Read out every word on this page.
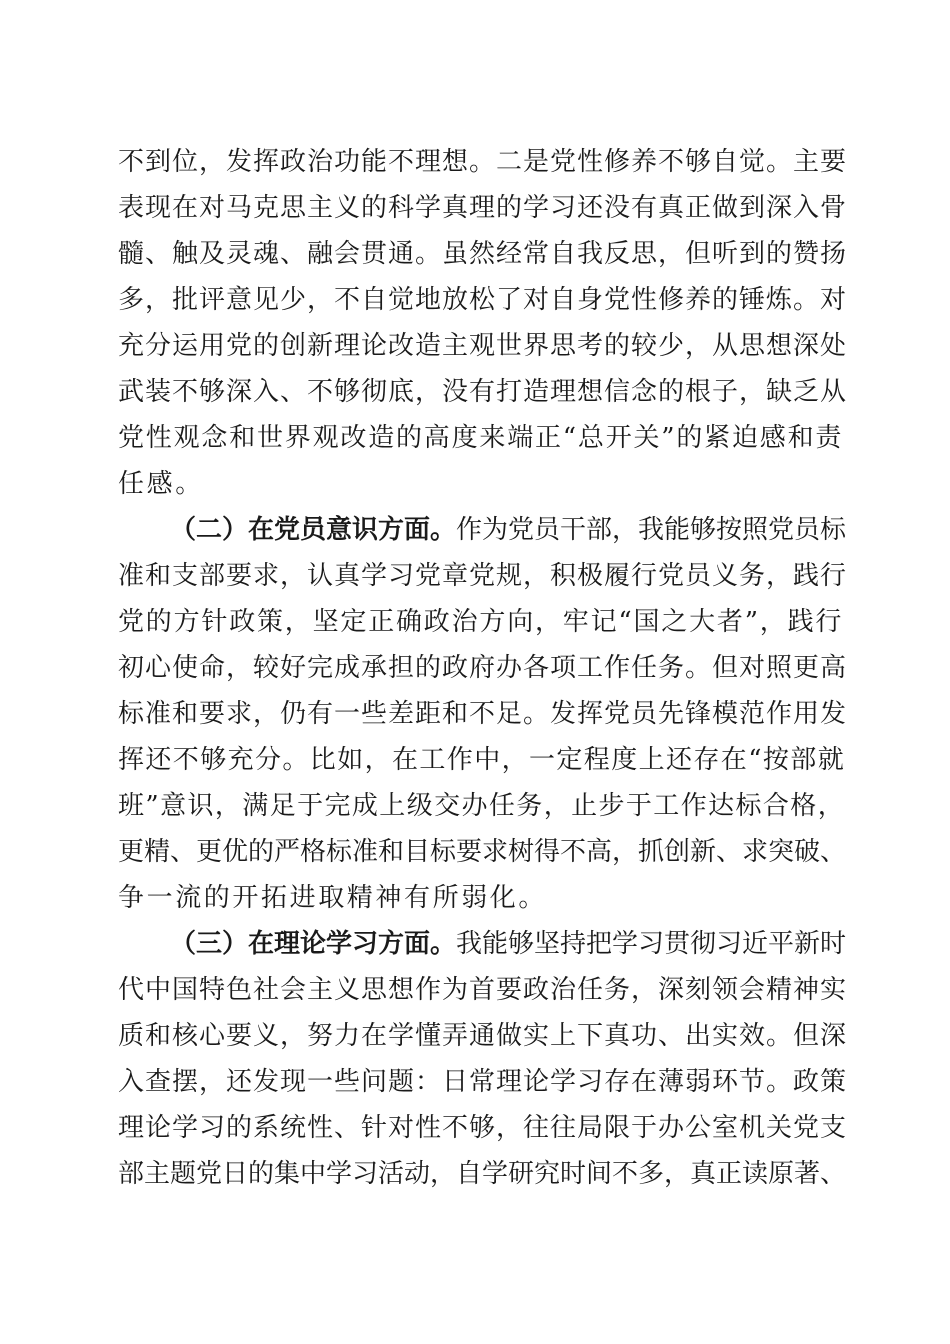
不到位，发挥政治功能不理想。二是党性修养不够自觉。主要
表现在对马克思主义的科学真理的学习还没有真正做到深入骨
髓、触及灵魂、融会贯通。虽然经常自我反思，但听到的赞扬
多，批评意见少，不自觉地放松了对自身党性修养的锤炼。对
充分运用党的创新理论改造主观世界思考的较少，从思想深处
武装不够深入、不够彻底，没有打造理想信念的根子，缺乏从
党性观念和世界观改造的高度来端正“总开关”的紧迫感和责
任感。
（二）在党员意识方面。作为党员干部，我能够按照党员标
准和支部要求，认真学习党章党规，积极履行党员义务，践行
党的方针政策，坚定正确政治方向，牢记“国之大者”，践行
初心使命，较好完成承担的政府办各项工作任务。但对照更高
标准和要求，仍有一些差距和不足。发挥党员先锋模范作用发
挥还不够充分。比如，在工作中，一定程度上还存在“按部就
班”意识，满足于完成上级交办任务，止步于工作达标合格，
更精、更优的严格标准和目标要求树得不高，抓创新、求突破、
争一流的开拓进取精神有所弱化。
（三）在理论学习方面。我能够坚持把学习贯彻习近平新时
代中国特色社会主义思想作为首要政治任务，深刻领会精神实
质和核心要义，努力在学懂弄通做实上下真功、出实效。但深
入查摆，还发现一些问题：日常理论学习存在薄弱环节。政策
理论学习的系统性、针对性不够，往往局限于办公室机关党支
部主题党日的集中学习活动，自学研究时间不多，真正读原著、
